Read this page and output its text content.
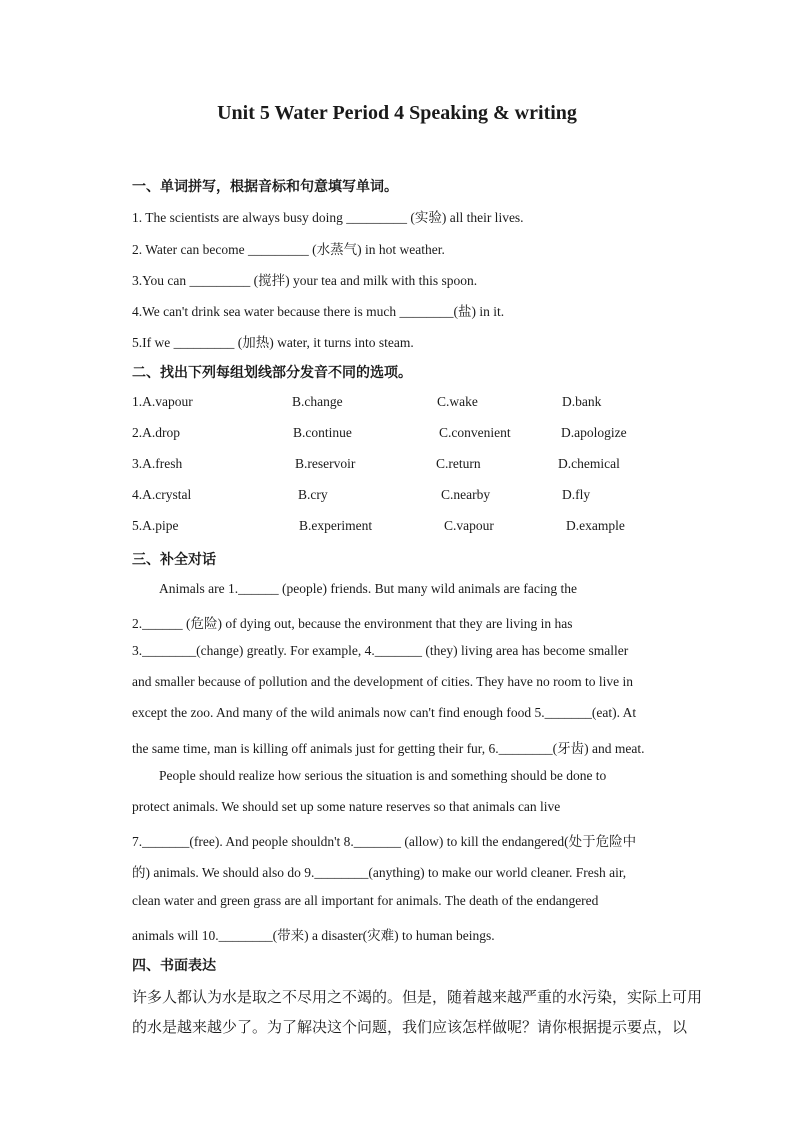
Unit 5 Water Period 4 Speaking & writing
一、单词拼写，根据音标和句意填写单词。
1. The scientists are always busy doing _________ (实验) all their lives.
2. Water can become _________ (水蒸气) in hot weather.
3.You can _________ (搅拌) your tea and milk with this spoon.
4.We can't drink sea water because there is much ________(盐) in it.
5.If we _________ (加热) water, it turns into steam.
二、找出下列每组划线部分发音不同的选项。
1.A.vapour	B.change	C.wake	D.bank
2.A.drop	B.continue	C.convenient	D.apologize
3.A.fresh	B.reservoir	C.return	D.chemical
4.A.crystal	B.cry	C.nearby	D.fly
5.A.pipe	B.experiment	C.vapour	D.example
三、补全对话
Animals are 1.______ (people) friends. But many wild animals are facing the
2.______ (危险) of dying out, because the environment that they are living in has
3.________(change) greatly. For example, 4._______ (they) living area has become smaller
and smaller because of pollution and the development of cities. They have no room to live in
except the zoo. And many of the wild animals now can't find enough food 5._______(eat). At
the same time, man is killing off animals just for getting their fur, 6.________(牙齿) and meat.
People should realize how serious the situation is and something should be done to
protect animals. We should set up some nature reserves so that animals can live
7._______(free). And people shouldn't 8._______ (allow) to kill the endangered(处于危险中
的) animals. We should also do 9.________(anything) to make our world cleaner. Fresh air,
clean water and green grass are all important for animals. The death of the endangered
animals will 10.________(带来) a disaster(灾难) to human beings.
四、书面表达
许多人都认为水是取之不尽用之不竭的。但是，随着越来越严重的水污染，实际上可用
的水是越来越少了。为了解决这个问题，我们应该怎样做呢？请你根据提示要点，以
